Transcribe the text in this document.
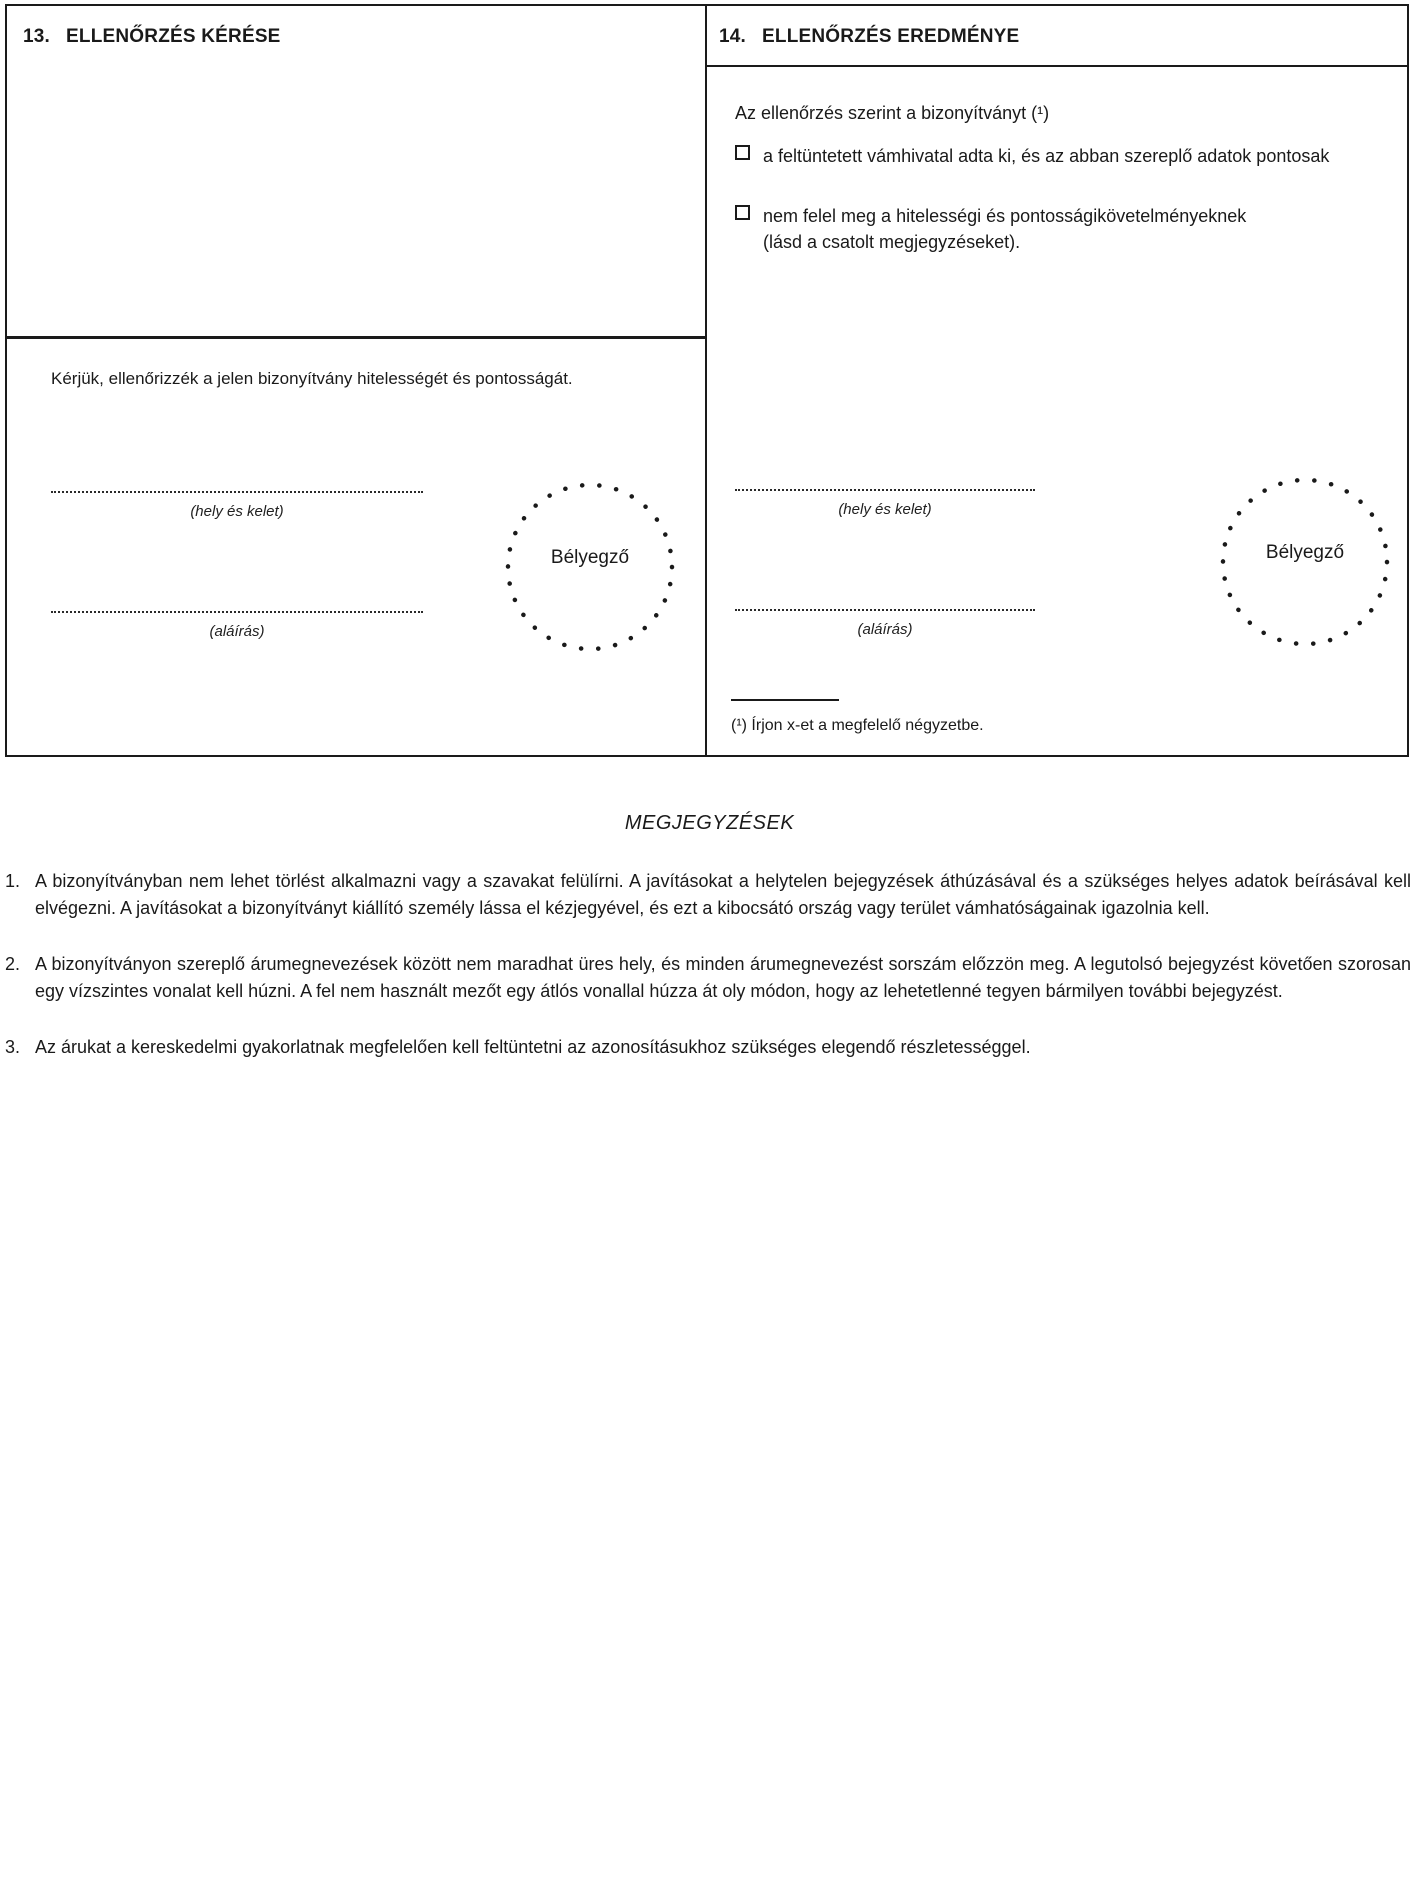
13. ELLENŐRZÉS KÉRÉSE
Kérjük, ellenőrizzék a jelen bizonyítvány hitelességét és pontosságát.
(hely és kelet)
(aláírás)
Bélyegző
14. ELLENŐRZÉS EREDMÉNYE
Az ellenőrzés szerint a bizonyítványt (¹)
a feltüntetett vámhivatal adta ki, és az abban szereplő adatok pontosak
nem felel meg a hitelességi és pontosságikövetelményeknek
(lásd a csatolt megjegyzéseket).
(hely és kelet)
(aláírás)
Bélyegző
(¹) Írjon x-et a megfelelő négyzetbe.
MEGJEGYZÉSEK
1. A bizonyítványban nem lehet törlést alkalmazni vagy a szavakat felülírni. A javításokat a helytelen bejegyzések áthúzásával és a szükséges helyes adatok beírásával kell elvégezni. A javításokat a bizonyítványt kiállító személy lássa el kézjegyével, és ezt a kibocsátó ország vagy terület vámhatóságainak igazolnia kell.
2. A bizonyítványon szereplő árumegnevezések között nem maradhat üres hely, és minden árumegnevezést sorszám előzzön meg. A legutolsó bejegyzést követően szorosan egy vízszintes vonalat kell húzni. A fel nem használt mezőt egy átlós vonallal húzza át oly módon, hogy az lehetetlenné tegyen bármilyen további bejegyzést.
3. Az árukat a kereskedelmi gyakorlatnak megfelelően kell feltüntetni az azonosításukhoz szükséges elegendő részletességgel.
